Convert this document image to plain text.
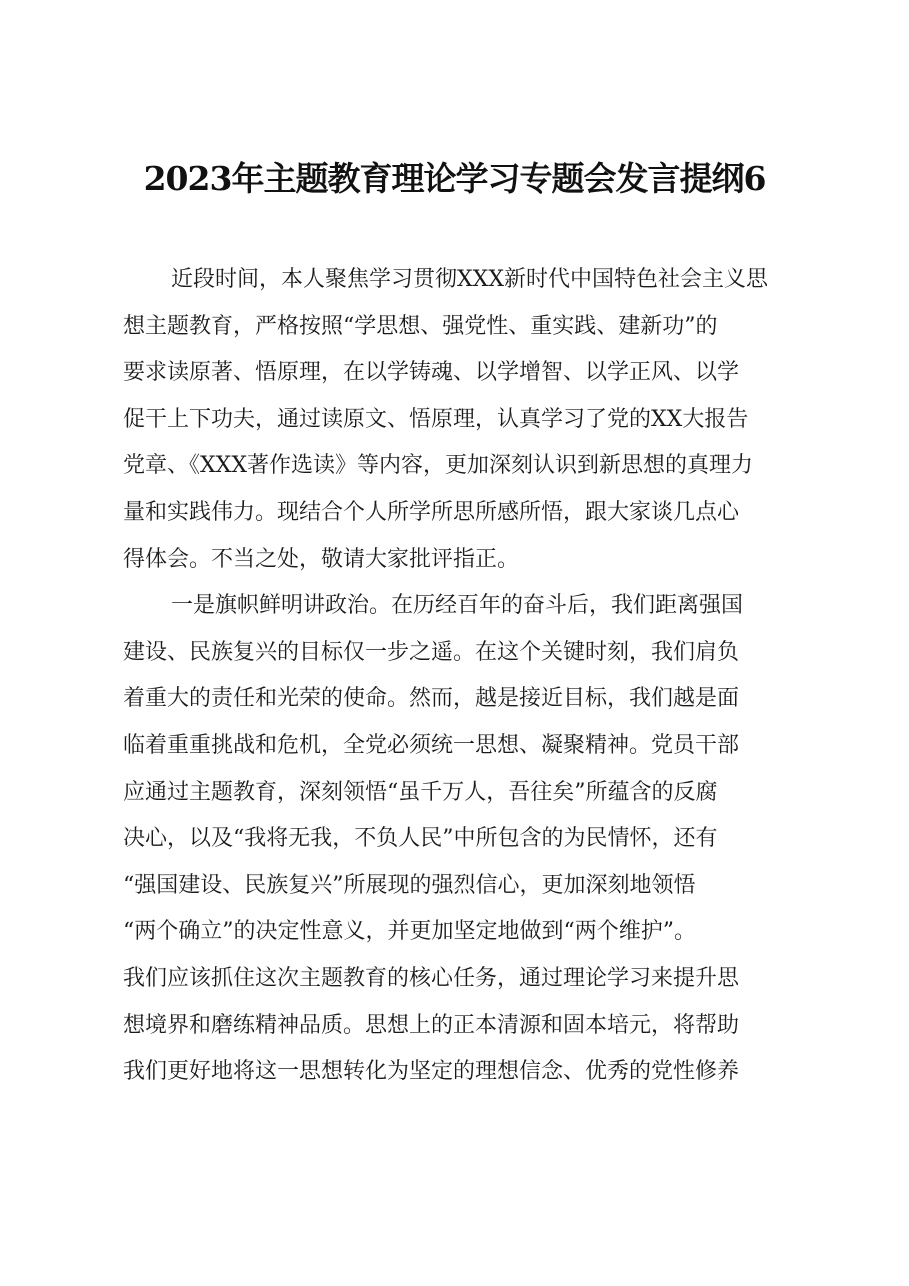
2023年主题教育理论学习专题会发言提纲6
近段时间，本人聚焦学习贯彻XXX新时代中国特色社会主义思
想主题教育，严格按照“学思想、强党性、重实践、建新功”的
要求读原著、悟原理，在以学铸魂、以学增智、以学正风、以学
促干上下功夫，通过读原文、悟原理，认真学习了党的XX大报告
党章、《XXX著作选读》等内容，更加深刻认识到新思想的真理力
量和实践伟力。现结合个人所学所思所感所悟，跟大家谈几点心
得体会。不当之处，敬请大家批评指正。
一是旗帜鲜明讲政治。在历经百年的奋斗后，我们距离强国
建设、民族复兴的目标仅一步之遥。在这个关键时刻，我们肩负
着重大的责任和光荣的使命。然而，越是接近目标，我们越是面
临着重重挑战和危机，全党必须统一思想、凝聚精神。党员干部
应通过主题教育，深刻领悟“虽千万人，吾往矣”所蕴含的反腐
决心，以及“我将无我，不负人民”中所包含的为民情怀，还有
“强国建设、民族复兴”所展现的强烈信心，更加深刻地领悟
“两个确立”的决定性意义，并更加坚定地做到“两个维护”。
我们应该抓住这次主题教育的核心任务，通过理论学习来提升思
想境界和磨练精神品质。思想上的正本清源和固本培元，将帮助
我们更好地将这一思想转化为坚定的理想信念、优秀的党性修养
